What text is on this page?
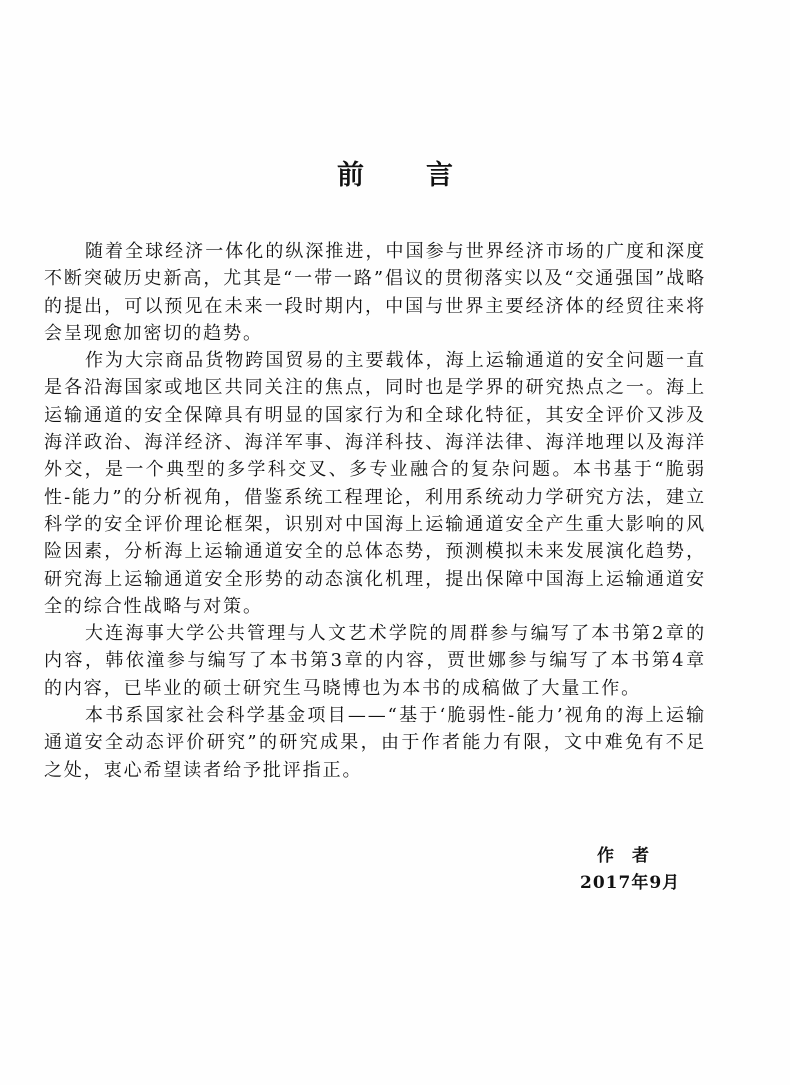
前言

随着全球经济一体化的纵深推进，中国参与世界经济市场的广度和深度不断突破历史新高，尤其是“一带一路”倡议的贯彻落实以及“交通强国”战略的提出，可以预见在未来一段时期内，中国与世界主要经济体的经贸往来将会呈现愈加密切的趋势。

作为大宗商品货物跨国贸易的主要载体，海上运输通道的安全问题一直是各沿海国家或地区共同关注的焦点，同时也是学界的研究热点之一。海上运输通道的安全保障具有明显的国家行为和全球化特征，其安全评价又涉及海洋政治、海洋经济、海洋军事、海洋科技、海洋法律、海洋地理以及海洋外交，是一个典型的多学科交叉、多专业融合的复杂问题。本书基于“脆弱性-能力”的分析视角，借鉴系统工程理论，利用系统动力学研究方法，建立科学的安全评价理论框架，识别对中国海上运输通道安全产生重大影响的风险因素，分析海上运输通道安全的总体态势，预测模拟未来发展演化趋势，研究海上运输通道安全形势的动态演化机理，提出保障中国海上运输通道安全的综合性战略与对策。

大连海事大学公共管理与人文艺术学院的周群参与编写了本书第2章的内容，韩依潼参与编写了本书第3章的内容，贾世娜参与编写了本书第4章的内容，已毕业的硕士研究生马晓博也为本书的成稿做了大量工作。

本书系国家社会科学基金项目——“基于‘脆弱性-能力’视角的海上运输通道安全动态评价研究”的研究成果，由于作者能力有限，文中难免有不足之处，衷心希望读者给予批评指正。

作者
2017年9月
